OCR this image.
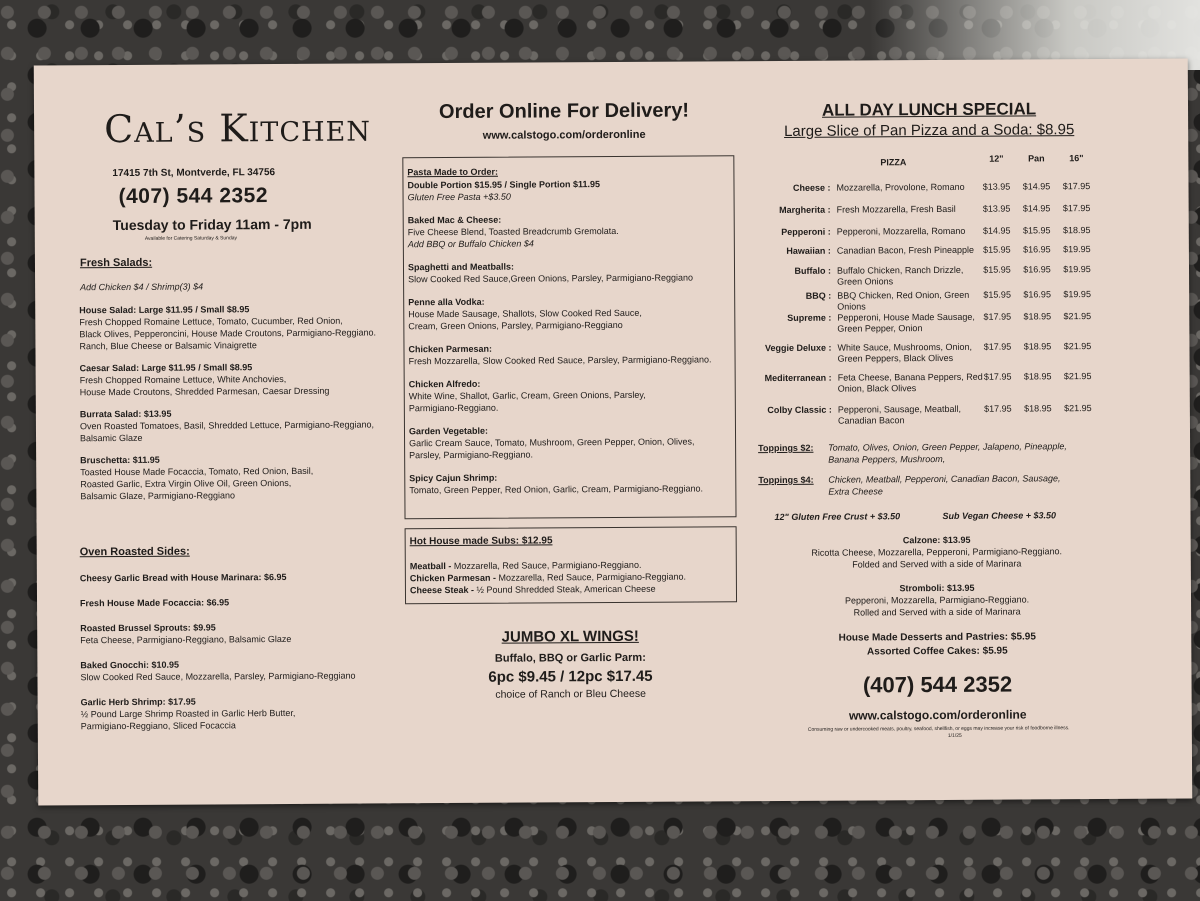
Cal’s Kitchen
17415 7th St, Montverde, FL 34756
(407) 544 2352
Tuesday to Friday 11am - 7pm
Available for Catering Saturday & Sunday
Fresh Salads:
Add Chicken $4 / Shrimp(3) $4
House Salad: Large $11.95 / Small $8.95
Fresh Chopped Romaine Lettuce, Tomato, Cucumber, Red Onion,
Black Olives, Pepperoncini, House Made Croutons, Parmigiano-Reggiano.
Ranch, Blue Cheese or Balsamic Vinaigrette
Caesar Salad: Large $11.95 / Small $8.95
Fresh Chopped Romaine Lettuce, White Anchovies,
House Made Croutons, Shredded Parmesan, Caesar Dressing
Burrata Salad: $13.95
Oven Roasted Tomatoes, Basil, Shredded Lettuce, Parmigiano-Reggiano,
Balsamic Glaze
Bruschetta: $11.95
Toasted House Made Focaccia, Tomato, Red Onion, Basil,
Roasted Garlic, Extra Virgin Olive Oil, Green Onions,
Balsamic Glaze, Parmigiano-Reggiano
Oven Roasted Sides:
Cheesy Garlic Bread with House Marinara: $6.95
Fresh House Made Focaccia: $6.95
Roasted Brussel Sprouts: $9.95
Feta Cheese, Parmigiano-Reggiano, Balsamic Glaze
Baked Gnocchi: $10.95
Slow Cooked Red Sauce, Mozzarella, Parsley, Parmigiano-Reggiano
Garlic Herb Shrimp: $17.95
½ Pound Large Shrimp Roasted in Garlic Herb Butter,
Parmigiano-Reggiano, Sliced Focaccia
Order Online For Delivery!
www.calstogo.com/orderonline
Pasta Made to Order:
Double Portion $15.95 / Single Portion $11.95
Gluten Free Pasta +$3.50
Baked Mac & Cheese:
Five Cheese Blend, Toasted Breadcrumb Gremolata.
Add BBQ or Buffalo Chicken $4
Spaghetti and Meatballs:
Slow Cooked Red Sauce,Green Onions, Parsley, Parmigiano-Reggiano
Penne alla Vodka:
House Made Sausage, Shallots, Slow Cooked Red Sauce,
Cream, Green Onions, Parsley, Parmigiano-Reggiano
Chicken Parmesan:
Fresh Mozzarella, Slow Cooked Red Sauce, Parsley, Parmigiano-Reggiano.
Chicken Alfredo:
White Wine, Shallot, Garlic, Cream, Green Onions, Parsley,
Parmigiano-Reggiano.
Garden Vegetable:
Garlic Cream Sauce, Tomato, Mushroom, Green Pepper, Onion, Olives,
Parsley, Parmigiano-Reggiano.
Spicy Cajun Shrimp:
Tomato, Green Pepper, Red Onion, Garlic, Cream, Parmigiano-Reggiano.
Hot House made Subs: $12.95
Meatball - Mozzarella, Red Sauce, Parmigiano-Reggiano.
Chicken Parmesan - Mozzarella, Red Sauce, Parmigiano-Reggiano.
Cheese Steak - ½ Pound Shredded Steak, American Cheese
JUMBO XL WINGS!
Buffalo, BBQ or Garlic Parm:
6pc $9.45 / 12pc $17.45
choice of Ranch or Bleu Cheese
ALL DAY LUNCH SPECIAL
Large Slice of Pan Pizza and a Soda: $8.95
PIZZA	12"	Pan	16"
Cheese : Mozzarella, Provolone, Romano	$13.95	$14.95	$17.95
Margherita : Fresh Mozzarella, Fresh Basil	$13.95	$14.95	$17.95
Pepperoni : Pepperoni, Mozzarella, Romano	$14.95	$15.95	$18.95
Hawaiian : Canadian Bacon, Fresh Pineapple	$15.95	$16.95	$19.95
Buffalo : Buffalo Chicken, Ranch Drizzle,
Green Onions
$15.95	$16.95	$19.95
BBQ : BBQ Chicken, Red Onion, Green
Onions
$15.95	$16.95	$19.95
Supreme : Pepperoni, House Made Sausage,
Green Pepper, Onion
$17.95	$18.95	$21.95
Veggie Deluxe : White Sauce, Mushrooms, Onion,
Green Peppers, Black Olives
$17.95	$18.95	$21.95
Mediterranean : Feta Cheese, Banana Peppers, Red
Onion, Black Olives
$17.95	$18.95	$21.95
Colby Classic : Pepperoni, Sausage, Meatball,
Canadian Bacon
$17.95	$18.95	$21.95
Toppings $2: Tomato, Olives, Onion, Green Pepper, Jalapeno, Pineapple,
Banana Peppers, Mushroom,
Toppings $4: Chicken, Meatball, Pepperoni, Canadian Bacon, Sausage,
Extra Cheese
12" Gluten Free Crust + $3.50	Sub Vegan Cheese + $3.50
Calzone: $13.95
Ricotta Cheese, Mozzarella, Pepperoni, Parmigiano-Reggiano.
Folded and Served with a side of Marinara
Stromboli: $13.95
Pepperoni, Mozzarella, Parmigiano-Reggiano.
Rolled and Served with a side of Marinara
House Made Desserts and Pastries: $5.95
Assorted Coffee Cakes: $5.95
(407) 544 2352
www.calstogo.com/orderonline
Consuming raw or undercooked meats, poultry, seafood, shellfish, or eggs may increase your risk of foodborne illness.
1/1/25
